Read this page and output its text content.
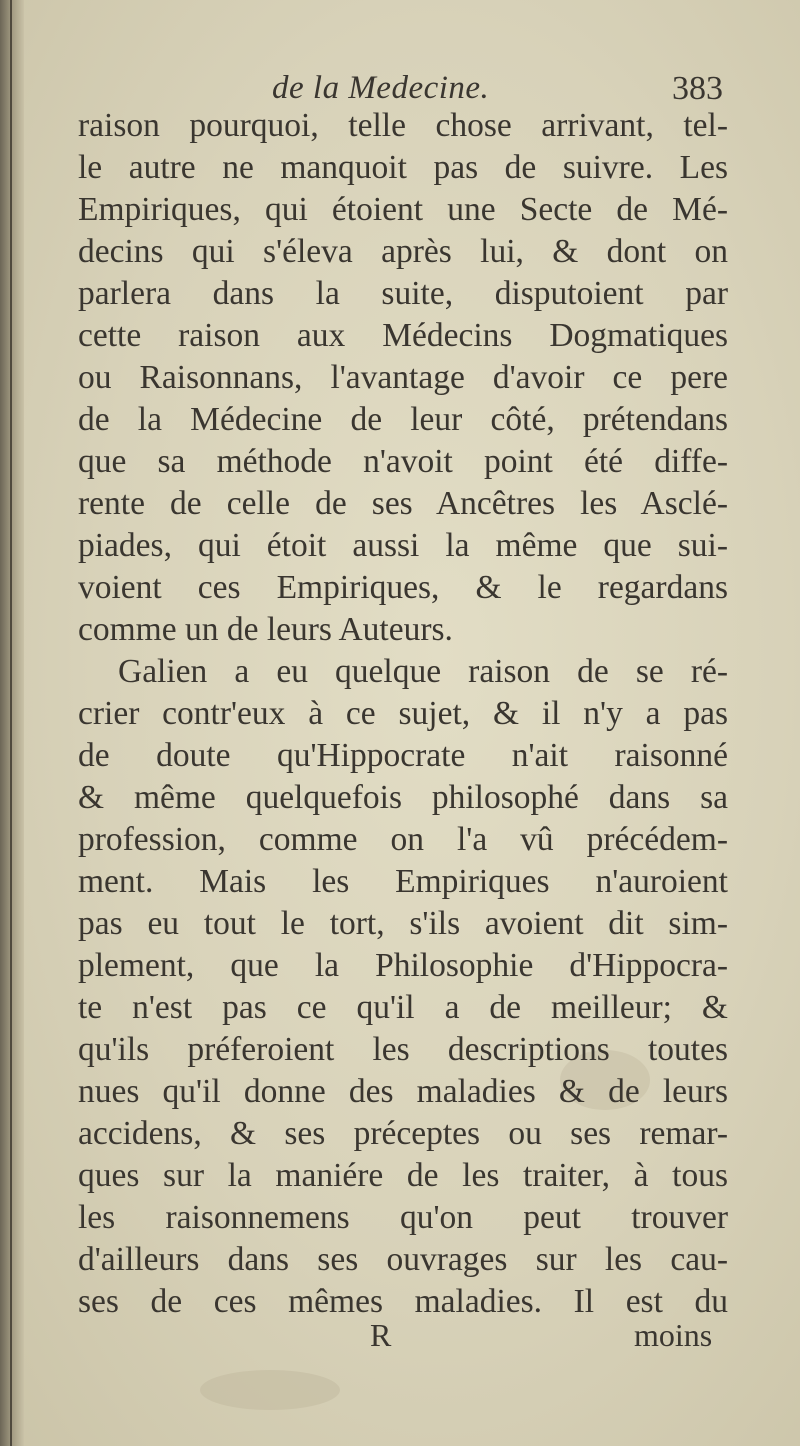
de la Medecine.	383
raison pourquoi, telle chose arrivant, tel-
le autre ne manquoit pas de suivre. Les
Empiriques, qui étoient une Secte de Mé-
decins qui s'éleva après lui, & dont on
parlera dans la suite, disputoient par
cette raison aux Médecins Dogmatiques
ou Raisonnans, l'avantage d'avoir ce pere
de la Médecine de leur côté, prétendans
que sa méthode n'avoit point été diffe-
rente de celle de ses Ancêtres les Asclé-
piades, qui étoit aussi la même que sui-
voient ces Empiriques, & le regardans
comme un de leurs Auteurs.
Galien a eu quelque raison de se ré-
crier contr'eux à ce sujet, & il n'y a pas
de doute qu'Hippocrate n'ait raisonné
& même quelquefois philosophé dans sa
profession, comme on l'a vû précédem-
ment. Mais les Empiriques n'auroient
pas eu tout le tort, s'ils avoient dit sim-
plement, que la Philosophie d'Hippocra-
te n'est pas ce qu'il a de meilleur; &
qu'ils préferoient les descriptions toutes
nues qu'il donne des maladies & de leurs
accidens, & ses préceptes ou ses remar-
ques sur la maniére de les traiter, à tous
les raisonnemens qu'on peut trouver
d'ailleurs dans ses ouvrages sur les cau-
ses de ces mêmes maladies. Il est du
R	moins
